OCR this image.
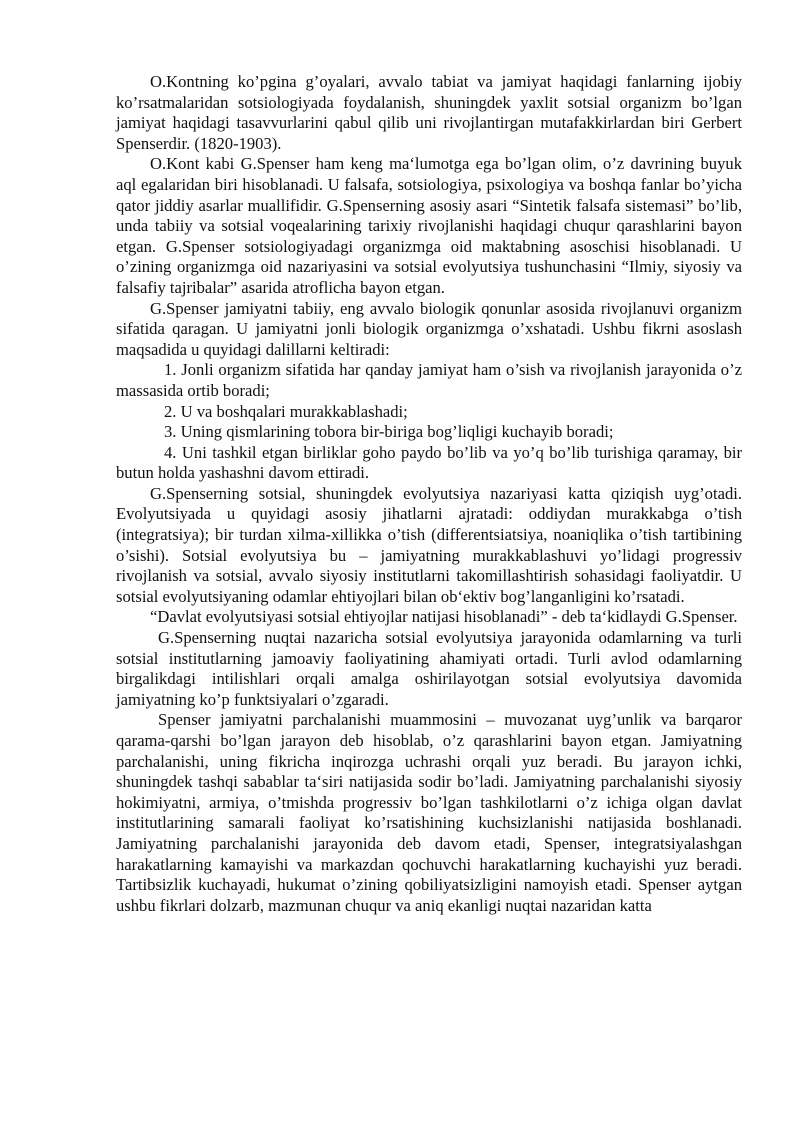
O.Kontning ko’pgina g’oyalari, avvalo tabiat va jamiyat haqidagi fanlarning ijobiy ko’rsatmalaridan sotsiologiyada foydalanish, shuningdek yaxlit sotsial organizm bo’lgan jamiyat haqidagi tasavvurlarini qabul qilib uni rivojlantirgan mutafakkirlardan biri Gerbert Spenserdir. (1820-1903).

O.Kont kabi G.Spenser ham keng ma‘lumotga ega bo’lgan olim, o’z davrining buyuk aql egalaridan biri hisoblanadi. U falsafa, sotsiologiya, psixologiya va boshqa fanlar bo’yicha qator jiddiy asarlar muallifidir. G.Spenserning asosiy asari “Sintetik falsafa sistemasi” bo’lib, unda tabiiy va sotsial voqealarining tarixiy rivojlanishi haqidagi chuqur qarashlarini bayon etgan. G.Spenser sotsiologiyadagi organizmga oid maktabning asoschisi hisoblanadi. U o’zining organizmga oid nazariyasini va sotsial evolyutsiya tushunchasini “Ilmiy, siyosiy va falsafiy tajribalar” asarida atroflicha bayon etgan.

G.Spenser jamiyatni tabiiy, eng avvalo biologik qonunlar asosida rivojlanuvi organizm sifatida qaragan. U jamiyatni jonli biologik organizmga o’xshatadi. Ushbu fikrni asoslash maqsadida u quyidagi dalillarni keltiradi:

1. Jonli organizm sifatida har qanday jamiyat ham o’sish va rivojlanish jarayonida o’z massasida ortib boradi;

2. U va boshqalari murakkablashadi;

3. Uning qismlarining tobora bir-biriga bog’liqligi kuchayib boradi;

4. Uni tashkil etgan birliklar goho paydo bo’lib va yo’q bo’lib turishiga qaramay, bir butun holda yashashni davom ettiradi.

G.Spenserning sotsial, shuningdek evolyutsiya nazariyasi katta qiziqish uyg’otadi. Evolyutsiyada u quyidagi asosiy jihatlarni ajratadi: oddiydan murakkabga o’tish (integratsiya); bir turdan xilma-xillikka o’tish (differentsiatsiya, noaniqlika o’tish tartibining o’sishi). Sotsial evolyutsiya bu – jamiyatning murakkablashuvi yo’lidagi progressiv rivojlanish va sotsial, avvalo siyosiy institutlarni takomillashtirish sohasidagi faoliyatdir. U sotsial evolyutsiyaning odamlar ehtiyojlari bilan ob‘ektiv bog’langanligini ko’rsatadi.

“Davlat evolyutsiyasi sotsial ehtiyojlar natijasi hisoblanadi” - deb ta‘kidlaydi G.Spenser.

G.Spenserning nuqtai nazaricha sotsial evolyutsiya jarayonida odamlarning va turli sotsial institutlarning jamoaviy faoliyatining ahamiyati ortadi. Turli avlod odamlarning birgalikdagi intilishlari orqali amalga oshirilayotgan sotsial evolyutsiya davomida jamiyatning ko’p funktsiyalari o’zgaradi.

Spenser jamiyatni parchalanishi muammosini – muvozanat uyg’unlik va barqaror qarama-qarshi bo’lgan jarayon deb hisoblab, o’z qarashlarini bayon etgan. Jamiyatning parchalanishi, uning fikricha inqirozga uchrashi orqali yuz beradi. Bu jarayon ichki, shuningdek tashqi sabablar ta‘siri natijasida sodir bo’ladi. Jamiyatning parchalanishi siyosiy hokimiyatni, armiya, o’tmishda progressiv bo’lgan tashkilotlarni o’z ichiga olgan davlat institutlarining samarali faoliyat ko’rsatishining kuchsizlanishi natijasida boshlanadi. Jamiyatning parchalanishi jarayonida deb davom etadi, Spenser, integratsiyalashgan harakatlarning kamayishi va markazdan qochuvchi harakatlarning kuchayishi yuz beradi. Tartibsizlik kuchayadi, hukumat o’zining qobiliyatsizligini namoyish etadi. Spenser aytgan ushbu fikrlari dolzarb, mazmunan chuqur va aniq ekanligi nuqtai nazaridan katta
